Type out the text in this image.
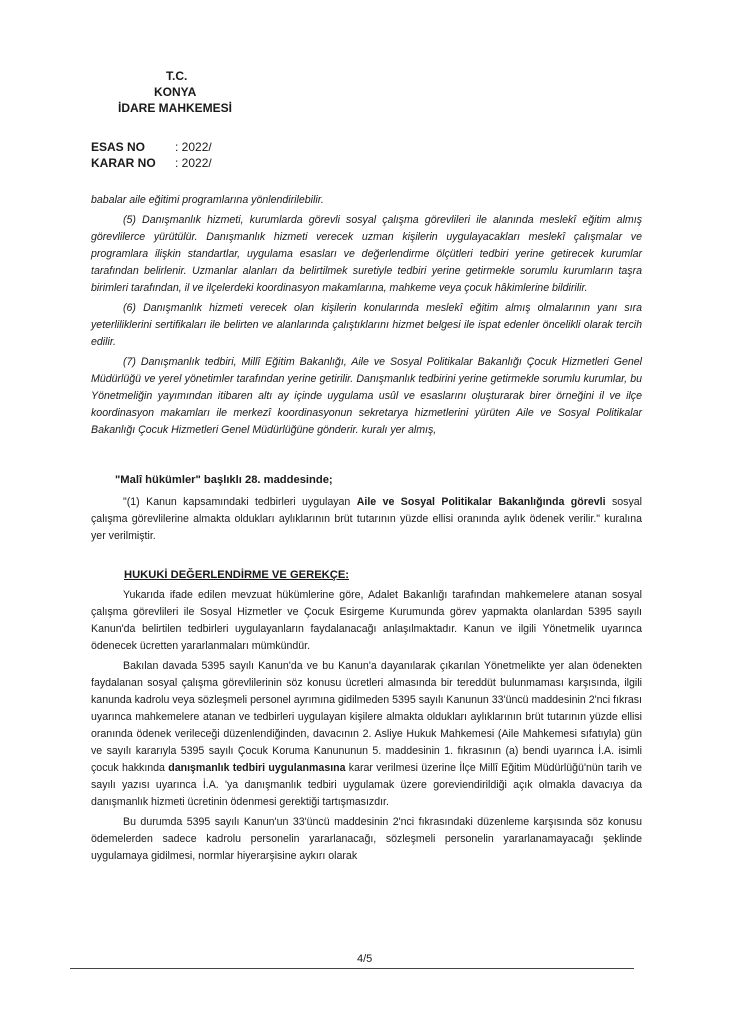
T.C.
KONYA
İDARE MAHKEMESİ
ESAS NO : 2022/
KARAR NO : 2022/

babalar aile eğitimi programlarına yönlendirilebilir.

(5) Danışmanlık hizmeti, kurumlarda görevli sosyal çalışma görevlileri ile alanında meslekî eğitim almış görevlilerce yürütülür. Danışmanlık hizmeti verecek uzman kişilerin uygulayacakları meslekî çalışmalar ve programlara ilişkin standartlar, uygulama esasları ve değerlendirme ölçütleri tedbiri yerine getirecek kurumlar tarafından belirlenir. Uzmanlar alanları da belirtilmek suretiyle tedbiri yerine getirmekle sorumlu kurumların taşra birimleri tarafından, il ve ilçelerdeki koordinasyon makamlarına, mahkeme veya çocuk hâkimlerine bildirilir.

(6) Danışmanlık hizmeti verecek olan kişilerin konularında meslekî eğitim almış olmalarının yanı sıra yeterliliklerini sertifikaları ile belirten ve alanlarında çalıştıklarını hizmet belgesi ile ispat edenler öncelikli olarak tercih edilir.

(7) Danışmanlık tedbiri, Millî Eğitim Bakanlığı, Aile ve Sosyal Politikalar Bakanlığı Çocuk Hizmetleri Genel Müdürlüğü ve yerel yönetimler tarafından yerine getirilir. Danışmanlık tedbirini yerine getirmekle sorumlu kurumlar, bu Yönetmeliğin yayımından itibaren altı ay içinde uygulama usûl ve esaslarını oluşturarak birer örneğini il ve ilçe koordinasyon makamları ile merkezî koordinasyonun sekretarya hizmetlerini yürüten Aile ve Sosyal Politikalar Bakanlığı Çocuk Hizmetleri Genel Müdürlüğüne gönderir. kuralı yer almış,

"Malî hükümler" başlıklı 28. maddesinde;

"(1) Kanun kapsamındaki tedbirleri uygulayan Aile ve Sosyal Politikalar Bakanlığında görevli sosyal çalışma görevlilerine almakta oldukları aylıklarının brüt tutarının yüzde ellisi oranında aylık ödenek verilir." kuralına yer verilmiştir.

HUKUKİ DEĞERLENDİRME VE GEREKÇE:

Yukarıda ifade edilen mevzuat hükümlerine göre, Adalet Bakanlığı tarafından mahkemelere atanan sosyal çalışma görevlileri ile Sosyal Hizmetler ve Çocuk Esirgeme Kurumunda görev yapmakta olanlardan 5395 sayılı Kanun'da belirtilen tedbirleri uygulayanların faydalanacağı anlaşılmaktadır. Kanun ve ilgili Yönetmelik uyarınca ödenecek ücretten yararlanmaları mümkündür.

Bakılan davada 5395 sayılı Kanun'da ve bu Kanun'a dayanılarak çıkarılan Yönetmelikte yer alan ödenekten faydalanan sosyal çalışma görevlilerinin söz konusu ücretleri almasında bir tereddüt bulunmaması karşısında, ilgili kanunda kadrolu veya sözleşmeli personel ayrımına gidilmeden 5395 sayılı Kanunun 33'üncü maddesinin 2'nci fıkrası uyarınca mahkemelere atanan ve tedbirleri uygulayan kişilere almakta oldukları aylıklarının brüt tutarının yüzde ellisi oranında ödenek verileceği düzenlendiğinden, davacının 2. Asliye Hukuk Mahkemesi (Aile Mahkemesi sıfatıyla) gün ve sayılı kararıyla 5395 sayılı Çocuk Koruma Kanununun 5. maddesinin 1. fıkrasının (a) bendi uyarınca İ.A. isimli çocuk hakkında danışmanlık tedbiri uygulanmasına karar verilmesi üzerine İlçe Millî Eğitim Müdürlüğü'nün tarih ve sayılı yazısı uyarınca İ.A. 'ya danışmanlık tedbiri uygulamak üzere goreviendirildiği açık olmakla davacıya da danışmanlık hizmeti ücretinin ödenmesi gerektiği tartışmasızdır.

Bu durumda 5395 sayılı Kanun'un 33'üncü maddesinin 2'nci fıkrasındaki düzenleme karşısında söz konusu ödemelerden sadece kadrolu personelin yararlanacağı, sözleşmeli personelin yararlanamayacağı şeklinde uygulamaya gidilmesi, normlar hiyerarşisine aykırı olarak

4/5
